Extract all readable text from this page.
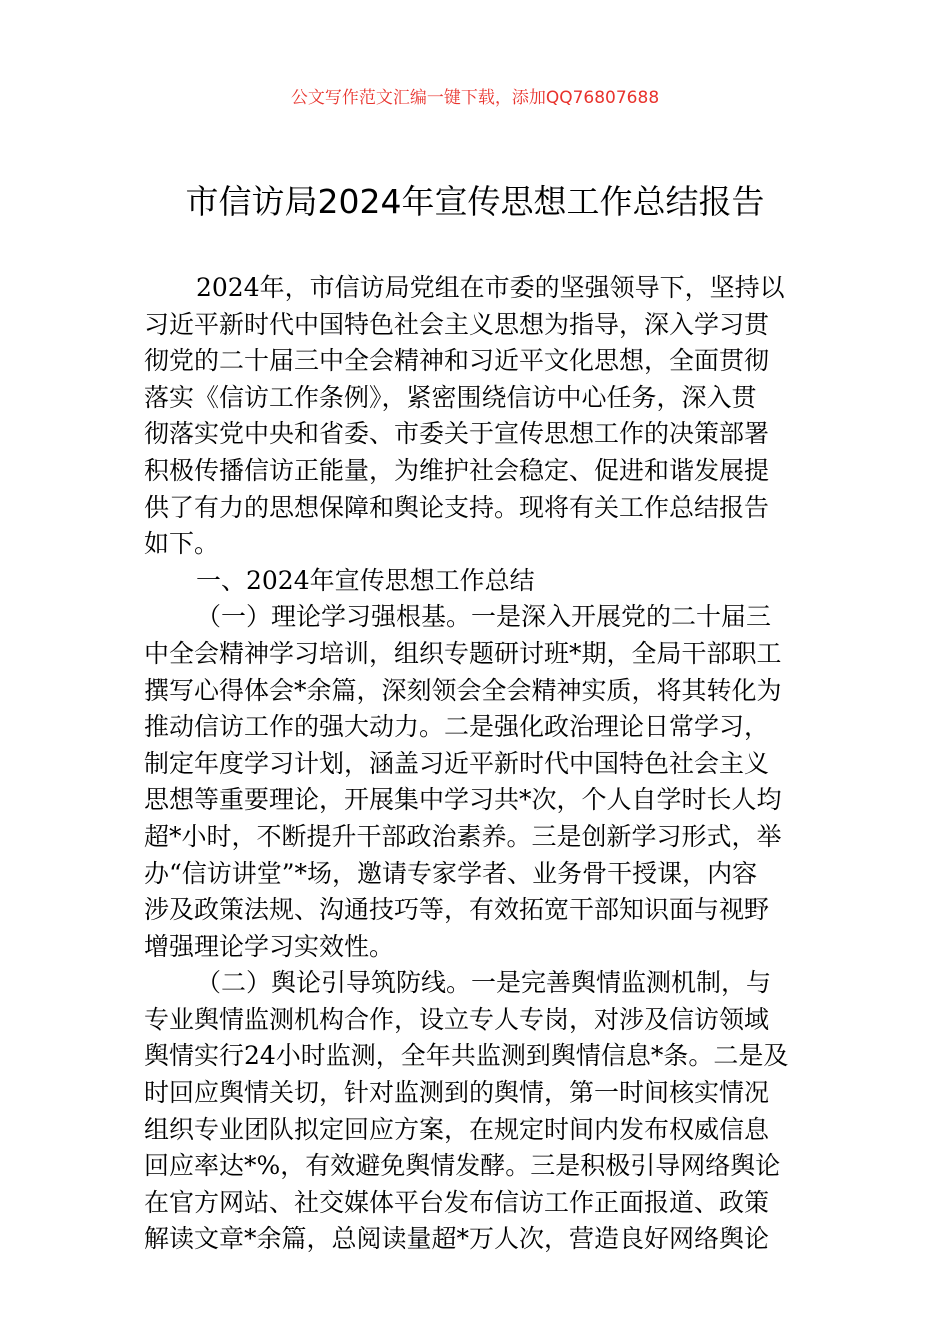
公文写作范文汇编一键下载，添加QQ76807688
市信访局2024年宣传思想工作总结报告
2024年，市信访局党组在市委的坚强领导下，坚持以
习近平新时代中国特色社会主义思想为指导，深入学习贯
彻党的二十届三中全会精神和习近平文化思想，全面贯彻
落实《信访工作条例》，紧密围绕信访中心任务，深入贯
彻落实党中央和省委、市委关于宣传思想工作的决策部署
积极传播信访正能量，为维护社会稳定、促进和谐发展提
供了有力的思想保障和舆论支持。现将有关工作总结报告
如下。
一、2024年宣传思想工作总结
（一）理论学习强根基。一是深入开展党的二十届三
中全会精神学习培训，组织专题研讨班*期，全局干部职工
撰写心得体会*余篇，深刻领会全会精神实质，将其转化为
推动信访工作的强大动力。二是强化政治理论日常学习，
制定年度学习计划，涵盖习近平新时代中国特色社会主义
思想等重要理论，开展集中学习共*次，个人自学时长人均
超*小时，不断提升干部政治素养。三是创新学习形式，举
办“信访讲堂”*场，邀请专家学者、业务骨干授课，内容
涉及政策法规、沟通技巧等，有效拓宽干部知识面与视野
增强理论学习实效性。
（二）舆论引导筑防线。一是完善舆情监测机制，与
专业舆情监测机构合作，设立专人专岗，对涉及信访领域
舆情实行24小时监测，全年共监测到舆情信息*条。二是及
时回应舆情关切，针对监测到的舆情，第一时间核实情况
组织专业团队拟定回应方案，在规定时间内发布权威信息
回应率达*%，有效避免舆情发酵。三是积极引导网络舆论
在官方网站、社交媒体平台发布信访工作正面报道、政策
解读文章*余篇，总阅读量超*万人次，营造良好网络舆论
